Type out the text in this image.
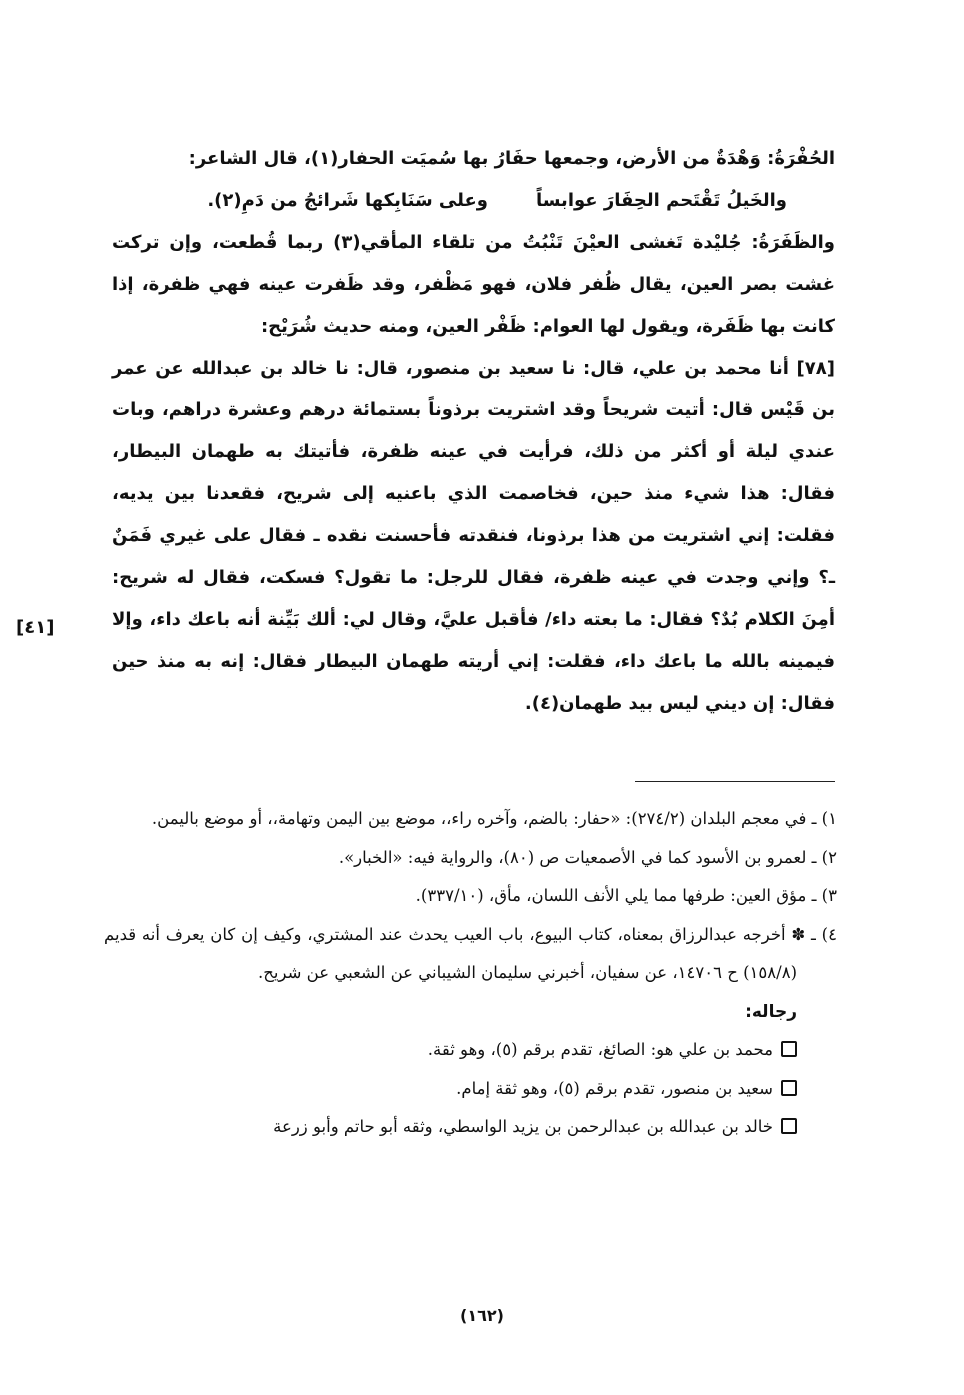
الحُفْرَةُ: وَهْدَةٌ من الأرض، وجمعها حفَارُ بها سُميَت الحفار(١)، قال الشاعر:

والخَيلُ تَقْتَحم الحِفَارَ عوابساً
وعلى سَنَابِكها شَرائجُ من دَمِ(٢).

والظَفَرَةُ: جُليْدة تَغشى العيْنَ تَنْبُتُ من تلقاء المأقي(٣) ربما قُطعت، وإن تركت غشت بصر العين، يقال ظُفر فلان، فهو مَظْفر، وقد ظَفرت عينه فهي ظفرة، إذا كانت بها ظَفَرة، ويقول لها العوام: ظَفْر العين، ومنه حديث شُرَيْح:

[٧٨] أنا محمد بن علي، قال: نا سعيد بن منصور، قال: نا خالد بن عبدالله عن عمر بن قَيْس قال: أتيت شريحاً وقد اشتريت برذوناً بستمائة درهم وعشرة دراهم، وبات عندي ليلة أو أكثر من ذلك، فرأيت في عينه ظفرة، فأتيتك به طهمان البيطار، فقال: هذا شيء منذ حين، فخاصمت الذي باعنيه إلى شريح، فقعدنا بين يديه، فقلت: إني اشتريت من هذا برذونا، فنقدته فأحسنت نقده ـ فقال على غيري فَمَنٌ ـ؟ وإني وجدت في عينه ظفرة، فقال للرجل: ما تقول؟ فسكت، فقال له شريح: أمِنَ الكلام بُدٌ؟ فقال: ما بعته داء/ فأقبل عليَّ، وقال لي: ألك بَيِّنة أنه باعك داء، وإلا فيمينه بالله ما باعك داء، فقلت: إني أريته طهمان البيطار فقال: إنه به منذ حين فقال: إن ديني ليس بيد طهمان(٤).

[٤١]

١) ـ في معجم البلدان (٢٧٤/٢): «حفار: بالضم، وآخره راء،، موضع بين اليمن وتهامة،، أو موضع باليمن.

٢) ـ لعمرو بن الأسود كما في الأصمعيات ص (٨٠)، والرواية فيه: «الخبار».

٣) ـ مؤق العين: طرفها مما يلي الأنف اللسان، مأق، (٣٣٧/١٠).

٤) ـ ✽ أخرجه عبدالرزاق بمعناه، كتاب البيوع، باب العيب يحدث عند المشتري، وكيف إن كان يعرف أنه قديم (١٥٨/٨) ح ١٤٧٠٦، عن سفيان، أخبرني سليمان الشيباني عن الشعبي عن شريح.

رجاله:

محمد بن علي هو: الصائغ، تقدم برقم (٥)، وهو ثقة.

سعيد بن منصور، تقدم برقم (٥)، وهو ثقة إمام.

خالد بن عبدالله بن عبدالرحمن بن يزيد الواسطي، وثقه أبو حاتم وأبو زرعة

(١٦٢)
